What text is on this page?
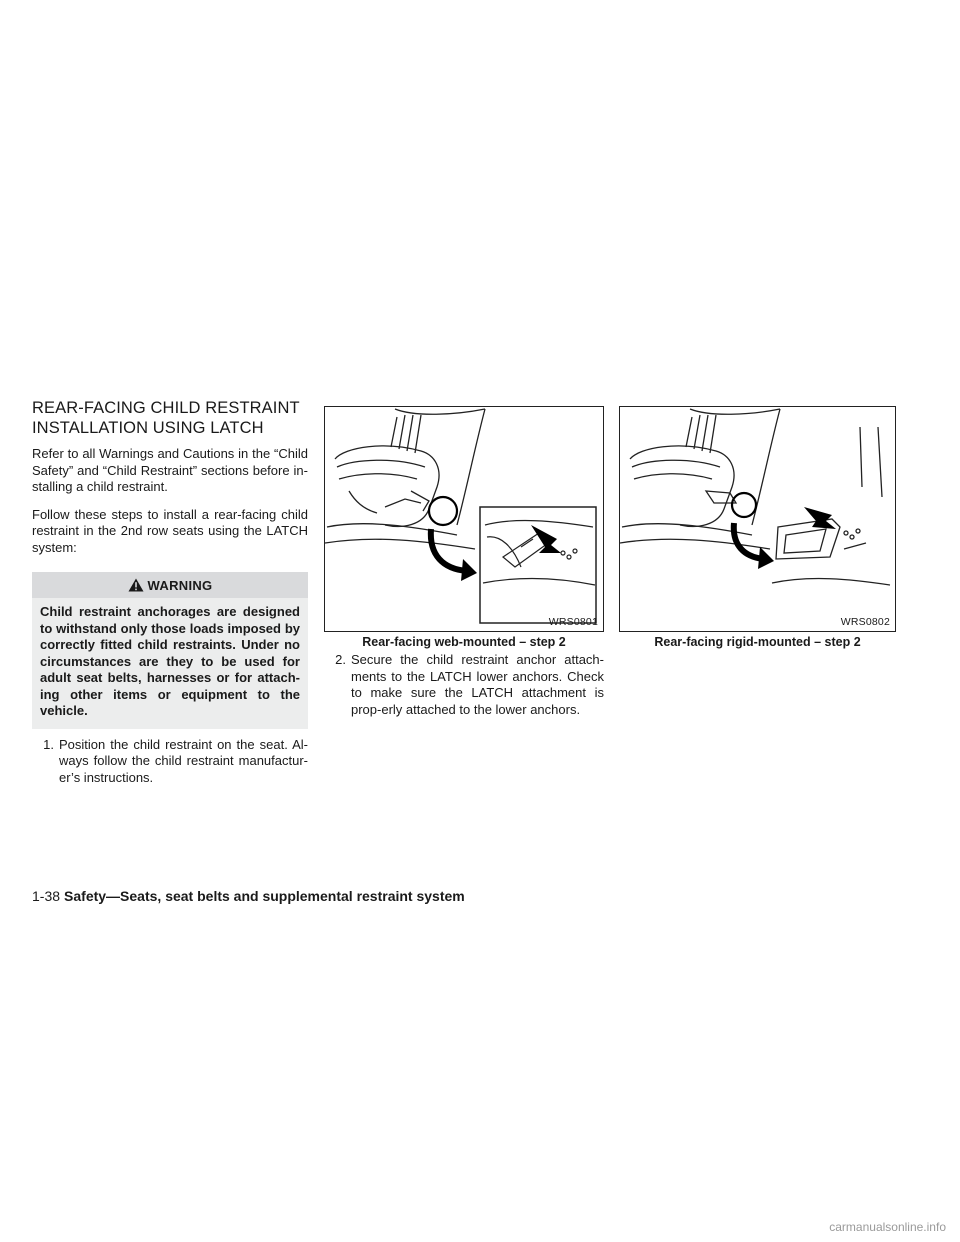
REAR-FACING CHILD RESTRAINT
INSTALLATION USING LATCH

Refer to all Warnings and Cautions in the “Child Safety” and “Child Restraint” sections before in-stalling a child restraint.

Follow these steps to install a rear-facing child restraint in the 2nd row seats using the LATCH system:

WARNING
Child restraint anchorages are designed to withstand only those loads imposed by correctly fitted child restraints. Under no circumstances are they to be used for adult seat belts, harnesses or for attach-ing other items or equipment to the vehicle.
1. Position the child restraint on the seat. Al-ways follow the child restraint manufactur-er’s instructions.
WRS0801
Rear-facing web-mounted – step 2
2. Secure the child restraint anchor attach-ments to the LATCH lower anchors. Check to make sure the LATCH attachment is prop-erly attached to the lower anchors.
WRS0802
Rear-facing rigid-mounted – step 2
1-38 Safety—Seats, seat belts and supplemental restraint system
carmanualsonline.info
